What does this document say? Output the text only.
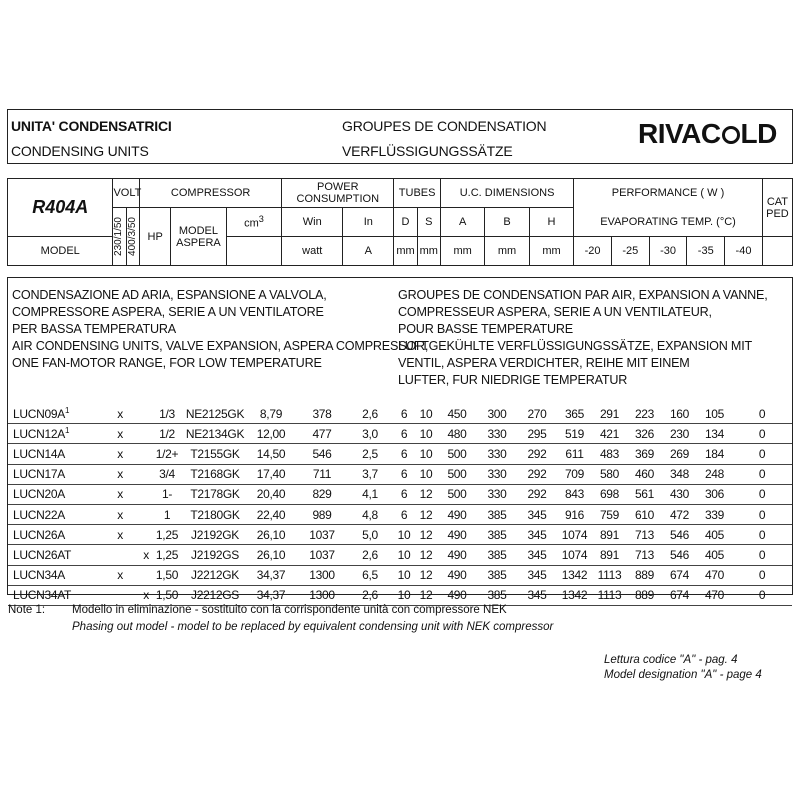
UNITA' CONDENSATRICI
CONDENSING UNITS
GROUPES DE CONDENSATION
VERFLÜSSIGUNGSSÄTZE
RIVAC LD
R404A	VOLT		COMPRESSOR			POWER CONSUMPTION		TUBES		U.C. DIMENSIONS			PERFORMANCE ( W )					CAT PED

	230/1/50	400/3/50	HP	MODEL ASPERA	$cm^3$	Win	In	D	S	A	B	H	EVAPORATING TEMP. (°C)					
MODEL						watt	A	mm	mm	mm	mm	mm	-20	-25	-30	-35	-40	
CONDENSAZIONE AD ARIA, ESPANSIONE A VALVOLA,
COMPRESSORE ASPERA, SERIE A UN VENTILATORE
PER BASSA TEMPERATURA
AIR CONDENSING UNITS, VALVE EXPANSION, ASPERA COMPRESSOR,
ONE FAN-MOTOR RANGE, FOR LOW TEMPERATURE
GROUPES DE CONDENSATION PAR AIR, EXPANSION A VANNE,
COMPRESSEUR ASPERA, SERIE A UN VENTILATEUR,
POUR BASSE TEMPERATURE
LUFTGEKÜHLTE VERFLÜSSIGUNGSSÄTZE, EXPANSION MIT
VENTIL, ASPERA VERDICHTER, REIHE MIT EINEM
LUFTER, FUR NIEDRIGE TEMPERATUR
$LUCN09A^1$	x		1/3	NE2125GK	8,79	378	2,6	6	10	450	300	270	365	291	223	160	105	0
$LUCN12A^1$	x		1/2	NE2134GK	12,00	477	3,0	6	10	480	330	295	519	421	326	230	134	0
LUCN14A	x		1/2+	T2155GK	14,50	546	2,5	6	10	500	330	292	611	483	369	269	184	0
LUCN17A	x		3/4	T2168GK	17,40	711	3,7	6	10	500	330	292	709	580	460	348	248	0
LUCN20A	x		1-	T2178GK	20,40	829	4,1	6	12	500	330	292	843	698	561	430	306	0
LUCN22A	x		1	T2180GK	22,40	989	4,8	6	12	490	385	345	916	759	610	472	339	0
LUCN26A	x		1,25	J2192GK	26,10	1037	5,0	10	12	490	385	345	1074	891	713	546	405	0
LUCN26AT		x	1,25	J2192GS	26,10	1037	2,6	10	12	490	385	345	1074	891	713	546	405	0
LUCN34A	x		1,50	J2212GK	34,37	1300	6,5	10	12	490	385	345	1342	1113	889	674	470	0
LUCN34AT		x	1,50	J2212GS	34,37	1300	2,6	10	12	490	385	345	1342	1113	889	674	470	0
Note 1: Modello in eliminazione - sostituito con la corrispondente unità con compressore NEK
Phasing out model - model to be replaced by equivalent condensing unit with NEK compressor
Lettura codice "A" - pag. 4
Model designation "A" - page 4
